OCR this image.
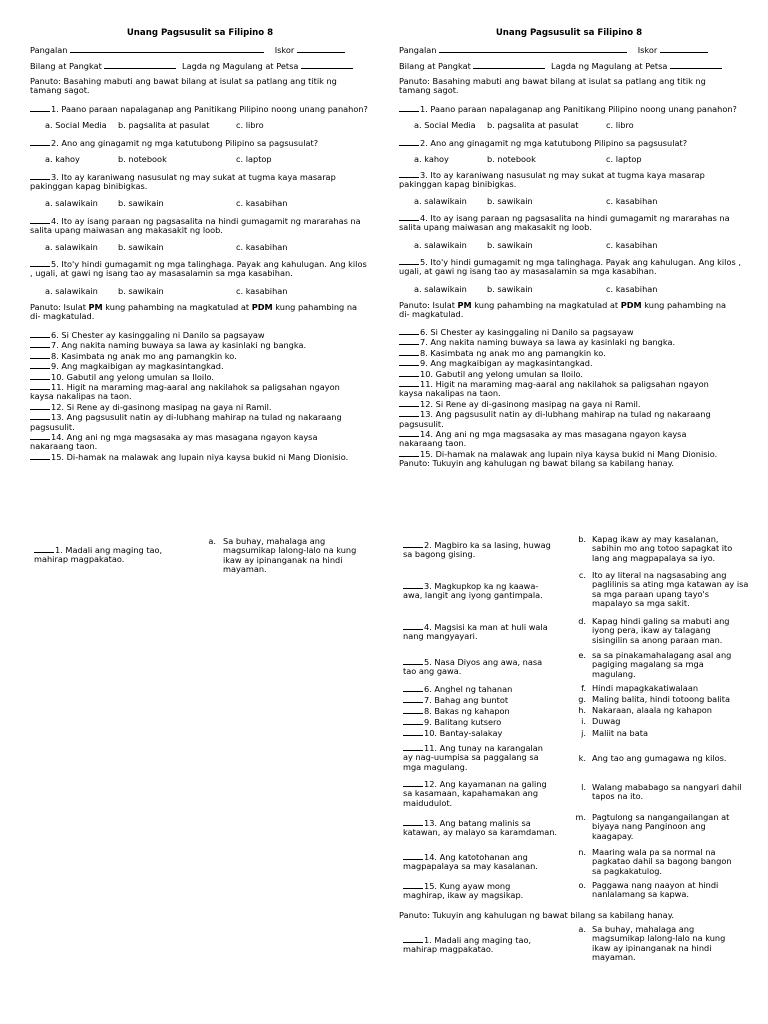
Unang Pagsusulit sa Filipino 8
Pangalan	Iskor
Bilang at Pangkat	Lagda ng Magulang at Petsa
Panuto: Basahing mabuti ang bawat bilang at isulat sa patlang ang titik ng tamang sagot.
1. Paano paraan napalaganap ang Panitikang Pilipino noong unang panahon?
a. Social Media b. pagsalita at pasulat	c. libro
2. Ano ang ginagamit ng mga katutubong Pilipino sa pagsusulat?
a. kahoy	b. notebook	c. laptop
3. Ito ay karaniwang nasusulat ng may sukat at tugma kaya masarap pakinggan kapag binibigkas.
a. salawikain b. sawikain	c. kasabihan
4. Ito ay isang paraan ng pagsasalita na hindi gumagamit ng mararahas na salita upang maiwasan ang makasakit ng loob.
a. salawikain b. sawikain	c. kasabihan
5. Ito'y hindi gumagamit ng mga talinghaga. Payak ang kahulugan. Ang kilos , ugali, at gawi ng isang tao ay masasalamin sa mga kasabihan.
a. salawikain b. sawikain	c. kasabihan
Panuto: Isulat PM kung pahambing na magkatulad at PDM kung pahambing na di- magkatulad.
6. Si Chester ay kasinggaling ni Danilo sa pagsayaw
7. Ang nakita naming buwaya sa lawa ay kasinlaki ng bangka.
8. Kasimbata ng anak mo ang pamangkin ko.
9. Ang magkaibigan ay magkasintangkad.
10. Gabutil ang yelong umulan sa Iloilo.
11. Higit na maraming mag-aaral ang nakilahok sa paligsahan ngayon kaysa nakalipas na taon.
12. Si Rene ay di-gasinong masipag na gaya ni Ramil.
13. Ang pagsusulit natin ay di-lubhang mahirap na tulad ng nakaraang pagsusulit.
14. Ang ani ng mga magsasaka ay mas masagana ngayon kaysa nakaraang taon.
15. Di-hamak na malawak ang lupain niya kaysa bukid ni Mang Dionisio.
Unang Pagsusulit sa Filipino 8
Pangalan	Iskor
Bilang at Pangkat	Lagda ng Magulang at Petsa
Panuto: Basahing mabuti ang bawat bilang at isulat sa patlang ang titik ng tamang sagot.
1. Paano paraan napalaganap ang Panitikang Pilipino noong unang panahon?
a. Social Media b. pagsalita at pasulat	c. libro
2. Ano ang ginagamit ng mga katutubong Pilipino sa pagsusulat?
a. kahoy	b. notebook	c. laptop
3. Ito ay karaniwang nasusulat ng may sukat at tugma kaya masarap pakinggan kapag binibigkas.
a. salawikain b. sawikain	c. kasabihan
4. Ito ay isang paraan ng pagsasalita na hindi gumagamit ng mararahas na salita upang maiwasan ang makasakit ng loob.
a. salawikain b. sawikain	c. kasabihan
5. Ito'y hindi gumagamit ng mga talinghaga. Payak ang kahulugan. Ang kilos , ugali, at gawi ng isang tao ay masasalamin sa mga kasabihan.
a. salawikain b. sawikain	c. kasabihan
Panuto: Isulat PM kung pahambing na magkatulad at PDM kung pahambing na di- magkatulad.
6. Si Chester ay kasinggaling ni Danilo sa pagsayaw
7. Ang nakita naming buwaya sa lawa ay kasinlaki ng bangka.
8. Kasimbata ng anak mo ang pamangkin ko.
9. Ang magkaibigan ay magkasintangkad.
10. Gabutil ang yelong umulan sa Iloilo.
11. Higit na maraming mag-aaral ang nakilahok sa paligsahan ngayon kaysa nakalipas na taon.
12. Si Rene ay di-gasinong masipag na gaya ni Ramil.
13. Ang pagsusulit natin ay di-lubhang mahirap na tulad ng nakaraang pagsusulit.
14. Ang ani ng mga magsasaka ay mas masagana ngayon kaysa nakaraang taon.
15. Di-hamak na malawak ang lupain niya kaysa bukid ni Mang Dionisio.
Panuto: Tukuyin ang kahulugan ng bawat bilang sa kabilang hanay.
1. Madali ang maging tao, mahirap magpakatao.
a. Sa buhay, mahalaga ang magsumikap lalong-lalo na kung ikaw ay ipinanganak na hindi mayaman.
2. Magbiro ka sa lasing, huwag sa bagong gising.
3. Magkupkop ka ng kaawa-awa, langit ang iyong gantimpala.
4. Magsisi ka man at huli wala nang mangyayari.
5. Nasa Diyos ang awa, nasa tao ang gawa.
6. Anghel ng tahanan
7. Bahag ang buntot
8. Bakas ng kahapon
9. Balitang kutsero
10. Bantay-salakay
11. Ang tunay na karangalan ay nag-uumpisa sa paggalang sa mga magulang.
12. Ang kayamanan na galing sa kasamaan, kapahamakan ang maidudulot.
13. Ang batang malinis sa katawan, ay malayo sa karamdaman.
14. Ang katotohanan ang magpapalaya sa may kasalanan.
15. Kung ayaw mong maghirap, ikaw ay magsikap.
b. Kapag ikaw ay may kasalanan, sabihin mo ang totoo sapagkat ito lang ang magpapalaya sa iyo.
c. Ito ay literal na nagsasabing ang paglilinis sa ating mga katawan ay isa sa mga paraan upang tayo's mapalayo sa mga sakit.
d. Kapag hindi galing sa mabuti ang iyong pera, ikaw ay talagang sisingilin sa anong paraan man.
e. sa sa pinakamahalagang asal ang pagiging magalang sa mga magulang.
f. Hindi mapagkakatiwalaan
g. Maling balita, hindi totoong balita
h. Nakaraan, alaala ng kahapon
i. Duwag
j. Maliit na bata
k. Ang tao ang gumagawa ng kilos.
l. Walang mababago sa nangyari dahil tapos na ito.
m. Pagtulong sa nangangailangan at biyaya nang Panginoon ang kaagapay.
n. Maaring wala pa sa normal na pagkatao dahil sa bagong bangon sa pagkakatulog.
o. Paggawa nang naayon at hindi nanlalamang sa kapwa.
Panuto: Tukuyin ang kahulugan ng bawat bilang sa kabilang hanay.
1. Madali ang maging tao, mahirap magpakatao.
a. Sa buhay, mahalaga ang magsumikap lalong-lalo na kung ikaw ay ipinanganak na hindi mayaman.
